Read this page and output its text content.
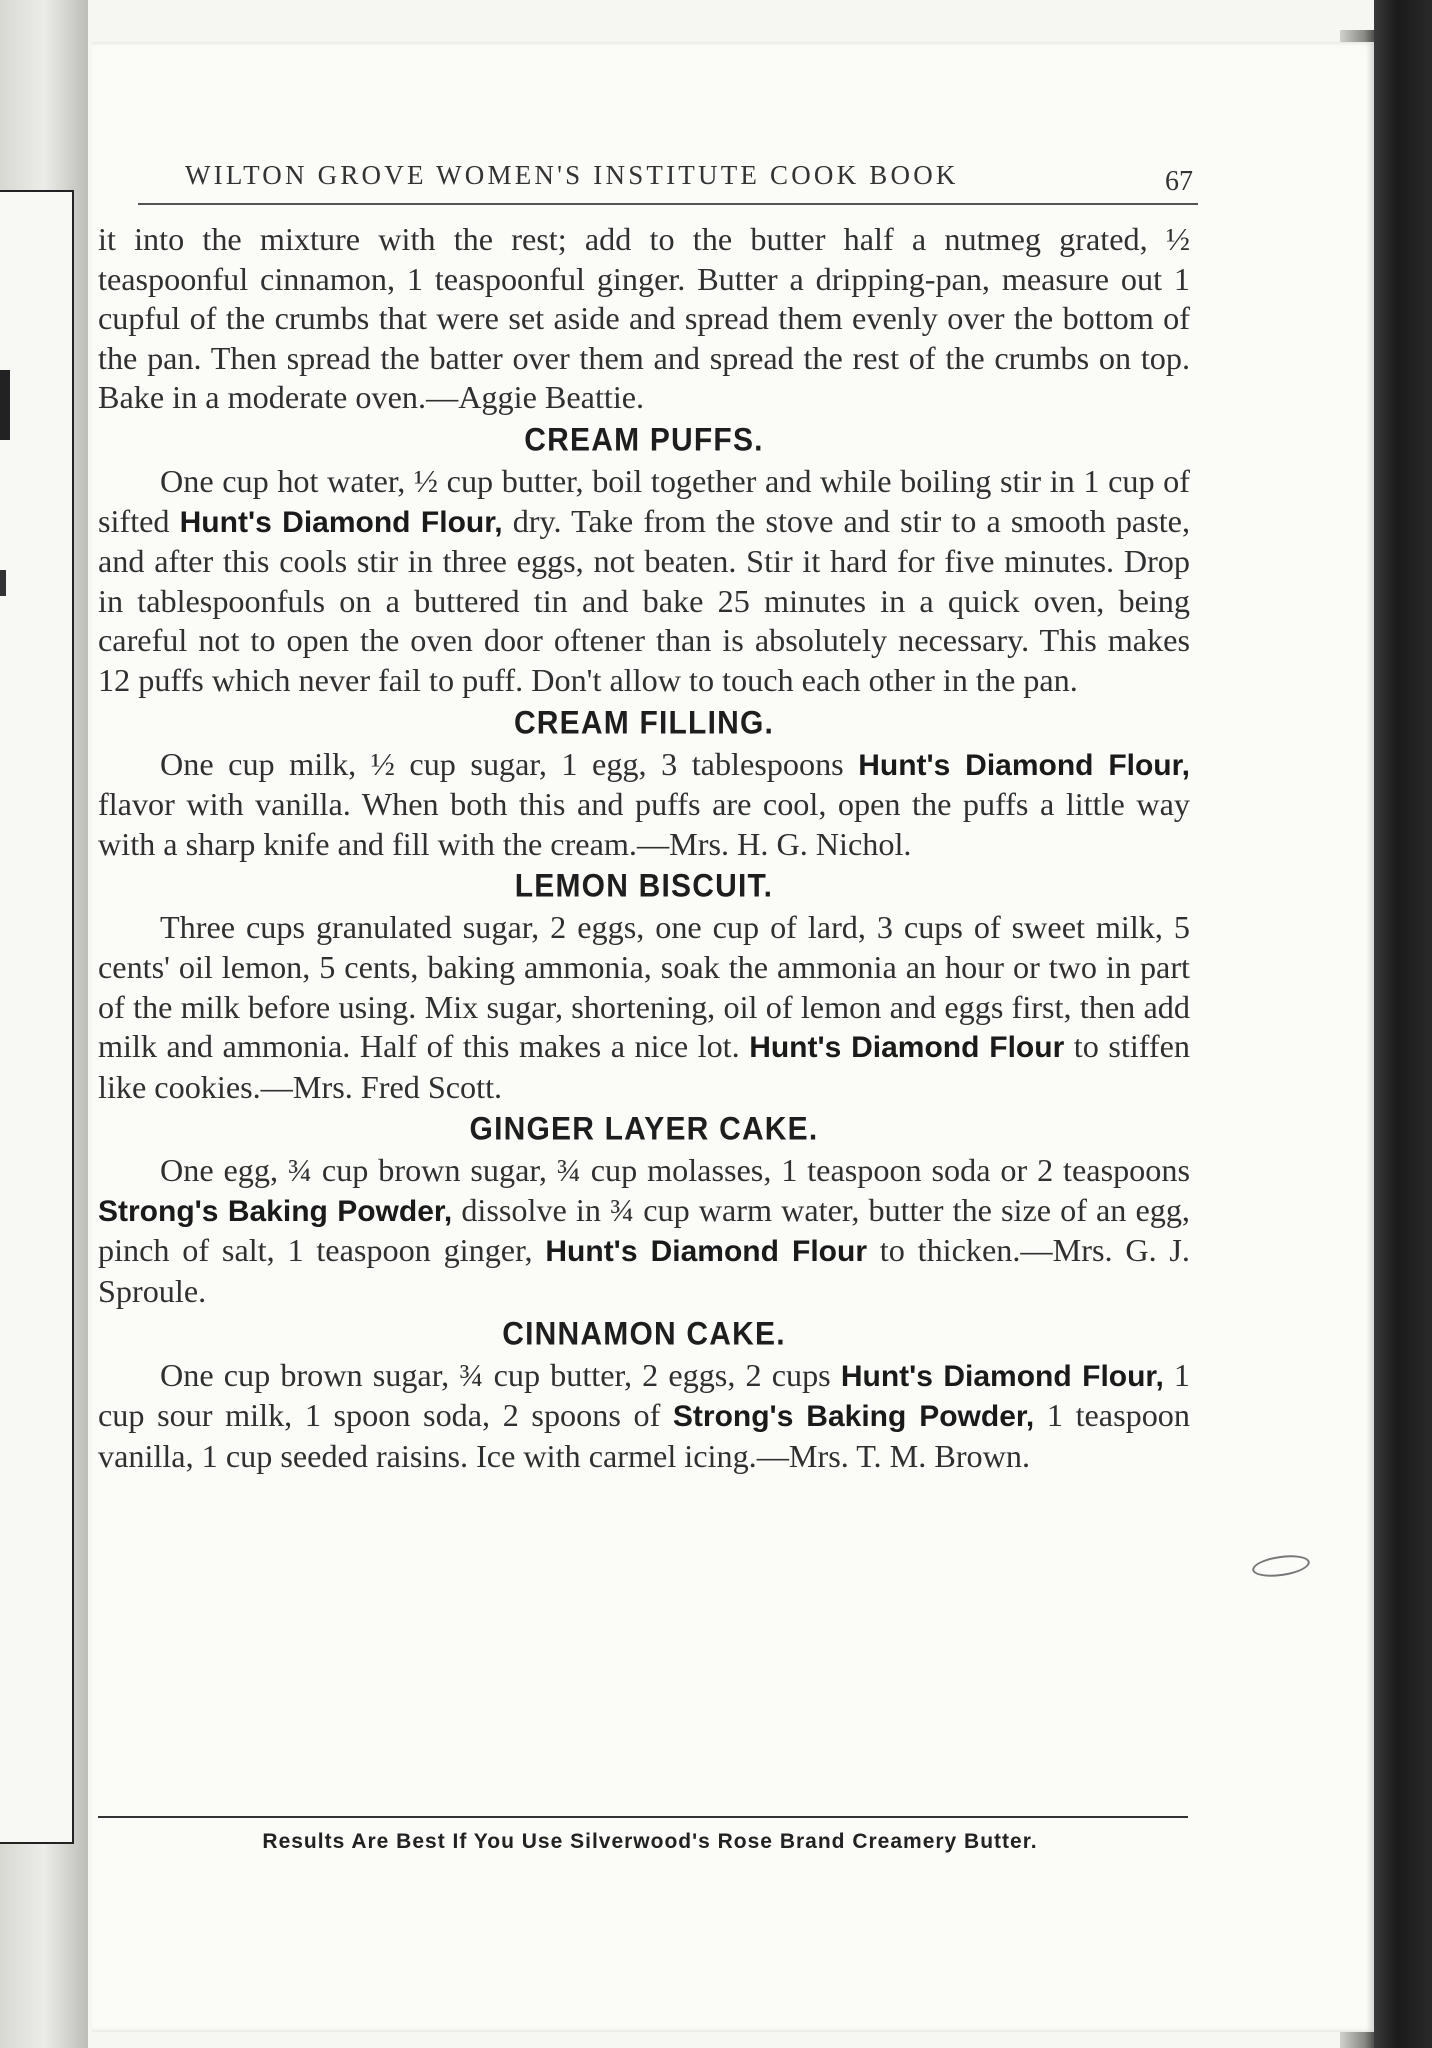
WILTON GROVE WOMEN'S INSTITUTE COOK BOOK	67

it into the mixture with the rest; add to the butter half a nutmeg grated, ½ teaspoonful cinnamon, 1 teaspoonful ginger. Butter a dripping-pan, measure out 1 cupful of the crumbs that were set aside and spread them evenly over the bottom of the pan. Then spread the batter over them and spread the rest of the crumbs on top. Bake in a moderate oven.—Aggie Beattie.

CREAM PUFFS.

One cup hot water, ½ cup butter, boil together and while boiling stir in 1 cup of sifted Hunt's Diamond Flour, dry. Take from the stove and stir to a smooth paste, and after this cools stir in three eggs, not beaten. Stir it hard for five minutes. Drop in tablespoonfuls on a buttered tin and bake 25 minutes in a quick oven, being careful not to open the oven door oftener than is absolutely necessary. This makes 12 puffs which never fail to puff. Don't allow to touch each other in the pan.

CREAM FILLING.

One cup milk, ½ cup sugar, 1 egg, 3 tablespoons Hunt's Diamond Flour, flavor with vanilla. When both this and puffs are cool, open the puffs a little way with a sharp knife and fill with the cream.—Mrs. H. G. Nichol.

LEMON BISCUIT.

Three cups granulated sugar, 2 eggs, one cup of lard, 3 cups of sweet milk, 5 cents' oil lemon, 5 cents, baking ammonia, soak the ammonia an hour or two in part of the milk before using. Mix sugar, shortening, oil of lemon and eggs first, then add milk and ammonia. Half of this makes a nice lot. Hunt's Diamond Flour to stiffen like cookies.—Mrs. Fred Scott.

GINGER LAYER CAKE.

One egg, ¾ cup brown sugar, ¾ cup molasses, 1 teaspoon soda or 2 teaspoons Strong's Baking Powder, dissolve in ¾ cup warm water, butter the size of an egg, pinch of salt, 1 teaspoon ginger, Hunt's Diamond Flour to thicken.—Mrs. G. J. Sproule.

CINNAMON CAKE.

One cup brown sugar, ¾ cup butter, 2 eggs, 2 cups Hunt's Diamond Flour, 1 cup sour milk, 1 spoon soda, 2 spoons of Strong's Baking Powder, 1 teaspoon vanilla, 1 cup seeded raisins. Ice with carmel icing.—Mrs. T. M. Brown.

Results Are Best If You Use Silverwood's Rose Brand Creamery Butter.
